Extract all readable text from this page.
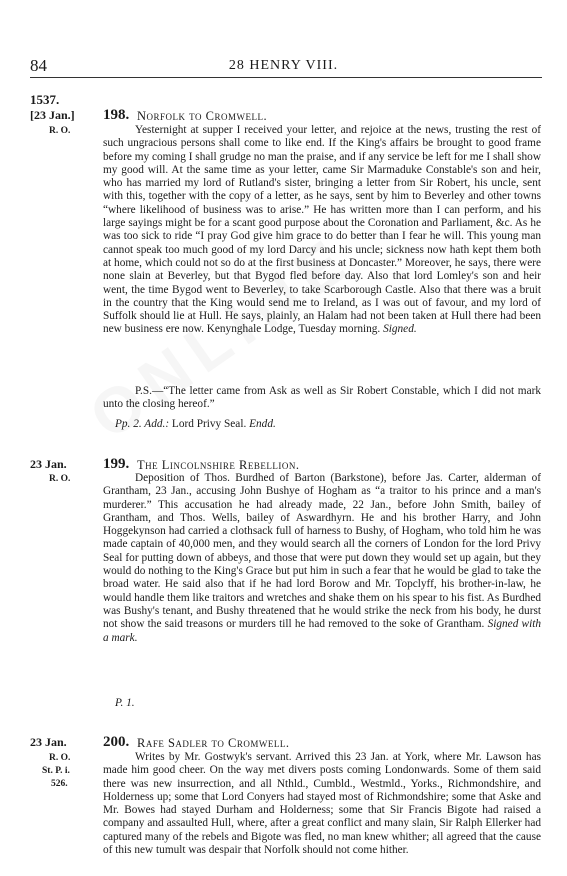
84	28 HENRY VIII.
1537.
[23 Jan.]
R. O.
198. Norfolk to Cromwell.
Yesternight at supper I received your letter, and rejoice at the news, trusting the rest of such ungracious persons shall come to like end. If the King's affairs be brought to good frame before my coming I shall grudge no man the praise, and if any service be left for me I shall show my good will. At the same time as your letter, came Sir Marmaduke Constable's son and heir, who has married my lord of Rutland's sister, bringing a letter from Sir Robert, his uncle, sent with this, together with the copy of a letter, as he says, sent by him to Beverley and other towns “where likelihood of business was to arise.” He has written more than I can perform, and his large sayings might be for a scant good purpose about the Coronation and Parliament, &c. As he was too sick to ride “I pray God give him grace to do better than I fear he will. This young man cannot speak too much good of my lord Darcy and his uncle; sickness now hath kept them both at home, which could not so do at the first business at Doncaster.” Moreover, he says, there were none slain at Beverley, but that Bygod fled before day. Also that lord Lomley's son and heir went, the time Bygod went to Beverley, to take Scarborough Castle. Also that there was a bruit in the country that the King would send me to Ireland, as I was out of favour, and my lord of Suffolk should lie at Hull. He says, plainly, an Halam had not been taken at Hull there had been new business ere now. Kenynghale Lodge, Tuesday morning. Signed.
P.S.—“The letter came from Ask as well as Sir Robert Constable, which I did not mark unto the closing hereof.”
Pp. 2. Add.: Lord Privy Seal. Endd.
23 Jan.
R. O.
199. The Lincolnshire Rebellion.
Deposition of Thos. Burdhed of Barton (Barkstone), before Jas. Carter, alderman of Grantham, 23 Jan., accusing John Bushye of Hogham as “a traitor to his prince and a man's murderer.” This accusation he had already made, 22 Jan., before John Smith, bailey of Grantham, and Thos. Wells, bailey of Aswardhyrn. He and his brother Harry, and John Hoggekynson had carried a clothsack full of harness to Bushy, of Hogham, who told him he was made captain of 40,000 men, and they would search all the corners of London for the lord Privy Seal for putting down of abbeys, and those that were put down they would set up again, but they would do nothing to the King's Grace but put him in such a fear that he would be glad to take the broad water. He said also that if he had lord Borow and Mr. Topclyff, his brother-in-law, he would handle them like traitors and wretches and shake them on his spear to his fist. As Burdhed was Bushy's tenant, and Bushy threatened that he would strike the neck from his body, he durst not show the said treasons or murders till he had removed to the soke of Grantham. Signed with a mark.
P. 1.
23 Jan.
R. O.
St. P. i.
526.
200. Rafe Sadler to Cromwell.
Writes by Mr. Gostwyk's servant. Arrived this 23 Jan. at York, where Mr. Lawson has made him good cheer. On the way met divers posts coming Londonwards. Some of them said there was new insurrection, and all Nthld., Cumbld., Westmld., Yorks., Richmondshire, and Holderness up; some that Lord Conyers had stayed most of Richmondshire; some that Aske and Mr. Bowes had stayed Durham and Holderness; some that Sir Francis Bigote had raised a company and assaulted Hull, where, after a great conflict and many slain, Sir Ralph Ellerker had captured many of the rebels and Bigote was fled, no man knew whither; all agreed that the cause of this new tumult was despair that Norfolk should not come hither.
